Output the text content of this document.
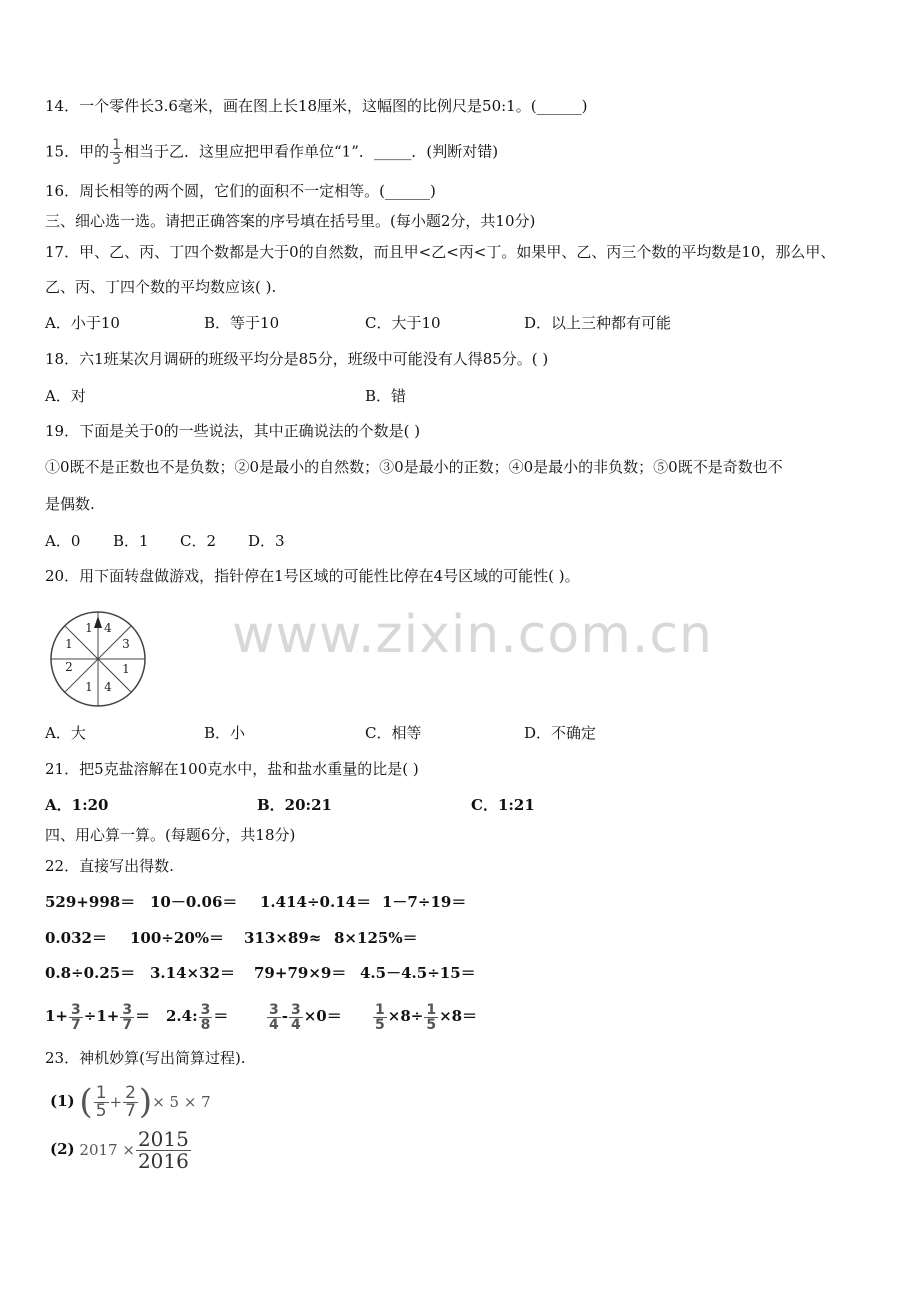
www.zixin.com.cn
14．一个零件长3.6毫米，画在图上长18厘米，这幅图的比例尺是50:1。(______)
15．甲的 $\frac{1}{3}$ 相当于乙．这里应把甲看作单位“1”．_____．(判断对错)
16．周长相等的两个圆，它们的面积不一定相等。(______)
三、细心选一选。请把正确答案的序号填在括号里。(每小题2分，共10分)
17．甲、乙、丙、丁四个数都是大于0的自然数，而且甲<乙<丙<丁。如果甲、乙、丙三个数的平均数是10，那么甲、
乙、丙、丁四个数的平均数应该( ).
A．小于10	B．等于10	C．大于10	D．以上三种都有可能
18．六1班某次月调研的班级平均分是85分，班级中可能没有人得85分。( )
A．对	B．错
19．下面是关于0的一些说法，其中正确说法的个数是( )
①0既不是正数也不是负数；②0是最小的自然数；③0是最小的正数；④0是最小的非负数；⑤0既不是奇数也不
是偶数.
A．0 B．1 C．2 D．3
20．用下面转盘做游戏，指针停在1号区域的可能性比停在4号区域的可能性( )。
1 4
3
1
4
1
2
1
A．大	B．小	C．相等	D．不确定
21．把5克盐溶解在100克水中，盐和盐水重量的比是( )
A．1:20	B．20:21	C．1:21
四、用心算一算。(每题6分，共18分)
22．直接写出得数.
529+998＝ 10－0.06＝ 1.414÷0.14＝ 1－7÷19＝
0.032＝ 100÷20%＝ 313×89≈ 8×125%＝
0.8÷0.25＝ 3.14×32＝ 79+79×9＝ 4.5－4.5÷15＝
$1+ \frac{3}{7} \div 1+ \frac{3}{7} = 2.4$: $\frac{3}{8}$ ＝	$\frac{3}{4} - \frac{3}{4} \times 0= \frac{1}{5} \times 8\div \frac{1}{5} \times 8=$
23．神机妙算(写出简算过程).
(1) ( $\frac{1}{5} + \frac{2}{7}$ )× 5 × 7
(2) $2017 \times \frac{2015}{2016}$
